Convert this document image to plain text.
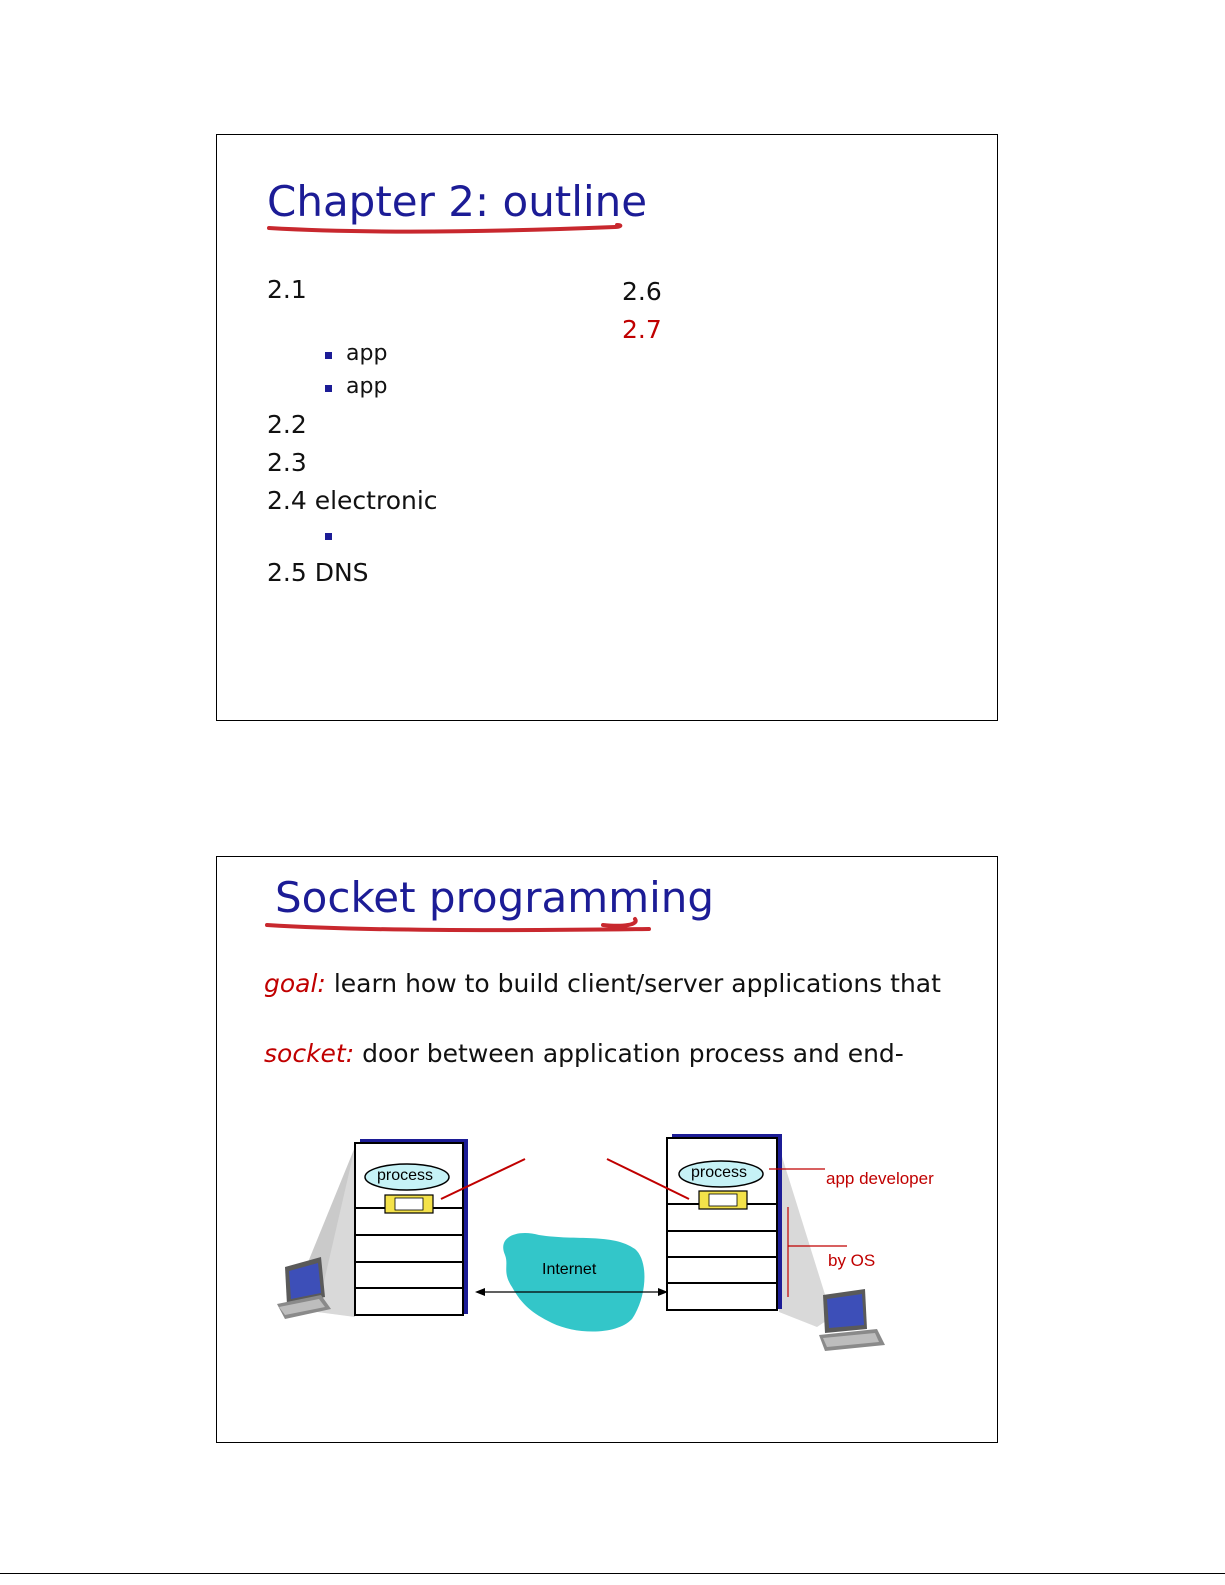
Chapter 2: outline
2.1
app
app
2.2
2.3
2.4 electronic
2.5 DNS
2.6
2.7
Socket programming
goal: learn how to build client/server applications that
socket: door between application process and end-
process	process
Internet
app developer
by OS
